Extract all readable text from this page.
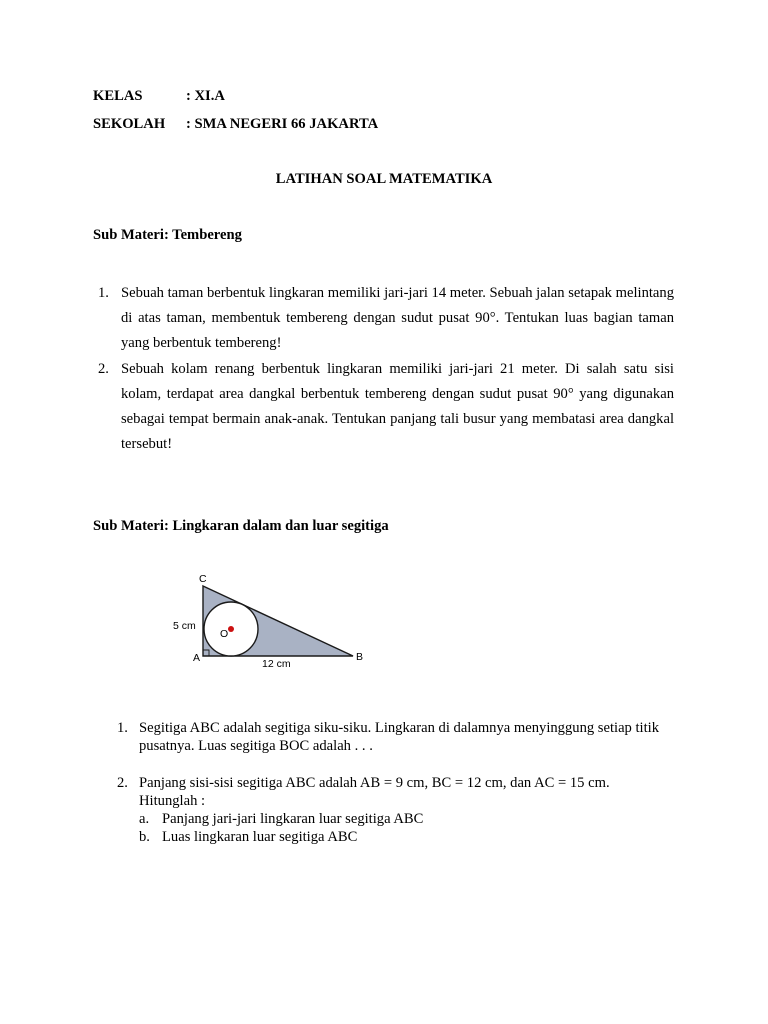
KELAS	: XI.A
SEKOLAH : SMA NEGERI 66 JAKARTA
LATIHAN SOAL MATEMATIKA
Sub Materi: Tembereng
1. Sebuah taman berbentuk lingkaran memiliki jari-jari 14 meter. Sebuah jalan setapak melintang di atas taman, membentuk tembereng dengan sudut pusat 90°. Tentukan luas bagian taman yang berbentuk tembereng!
2. Sebuah kolam renang berbentuk lingkaran memiliki jari-jari 21 meter. Di salah satu sisi kolam, terdapat area dangkal berbentuk tembereng dengan sudut pusat 90° yang digunakan sebagai tempat bermain anak-anak. Tentukan panjang tali busur yang membatasi area dangkal tersebut!
Sub Materi: Lingkaran dalam dan luar segitiga
C
A	B
O
5 cm
12 cm
1. Segitiga ABC adalah segitiga siku-siku. Lingkaran di dalamnya menyinggung setiap titik pusatnya. Luas segitiga BOC adalah . . .
2. Panjang sisi-sisi segitiga ABC adalah AB = 9 cm, BC = 12 cm, dan AC = 15 cm.
Hitunglah :
a. Panjang jari-jari lingkaran luar segitiga ABC
b. Luas lingkaran luar segitiga ABC
